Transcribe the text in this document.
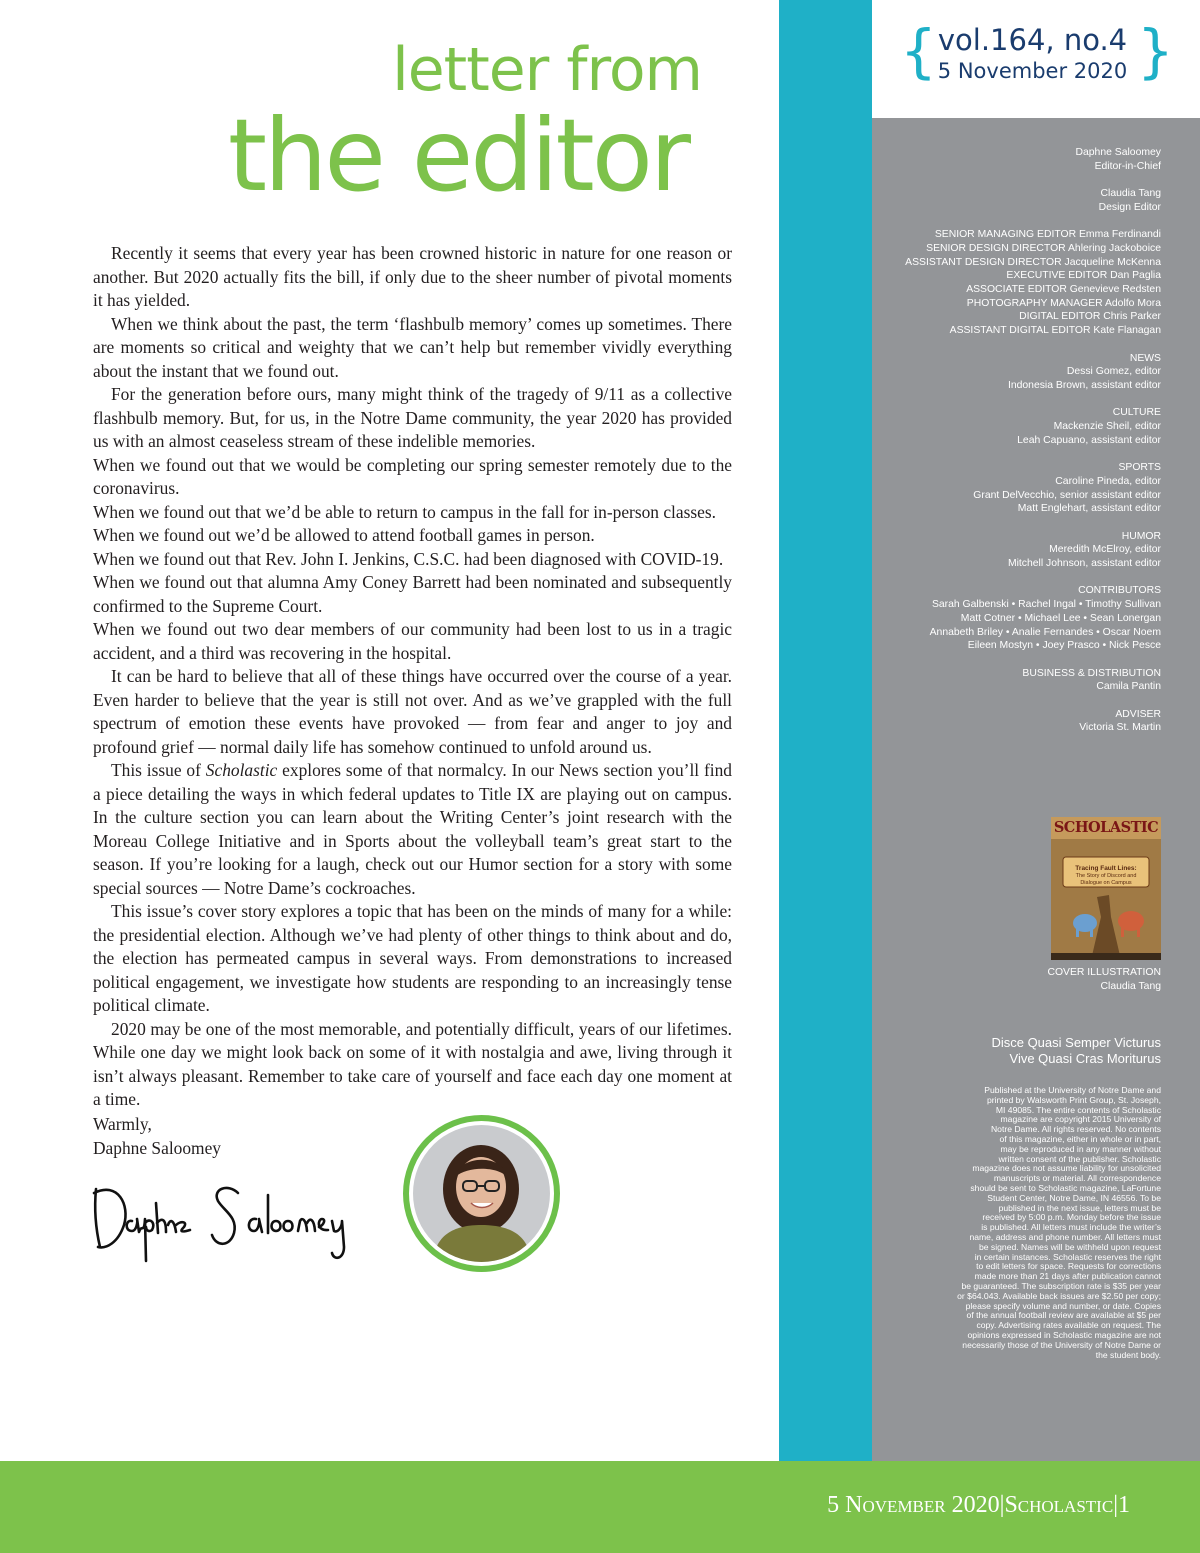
letter from
the editor

Recently it seems that every year has been crowned historic in nature for one reason or another. But 2020 actually fits the bill, if only due to the sheer number of pivotal moments it has yielded.

When we think about the past, the term ‘flashbulb memory’ comes up sometimes. There are moments so critical and weighty that we can’t help but remember vividly everything about the instant that we found out.

For the generation before ours, many might think of the tragedy of 9/11 as a collective flashbulb memory. But, for us, in the Notre Dame community, the year 2020 has provided us with an almost ceaseless stream of these indelible memories.

When we found out that we would be completing our spring semester remotely due to the coronavirus.

When we found out that we’d be able to return to campus in the fall for in-person classes.

When we found out we’d be allowed to attend football games in person.

When we found out that Rev. John I. Jenkins, C.S.C. had been diagnosed with COVID-19.

When we found out that alumna Amy Coney Barrett had been nominated and subsequently confirmed to the Supreme Court.

When we found out two dear members of our community had been lost to us in a tragic accident, and a third was recovering in the hospital.

It can be hard to believe that all of these things have occurred over the course of a year. Even harder to believe that the year is still not over. And as we’ve grappled with the full spectrum of emotion these events have provoked — from fear and anger to joy and profound grief — normal daily life has somehow continued to unfold around us.

This issue of Scholastic explores some of that normalcy. In our News section you’ll find a piece detailing the ways in which federal updates to Title IX are playing out on campus. In the culture section you can learn about the Writing Center’s joint research with the Moreau College Initiative and in Sports about the volleyball team’s great start to the season. If you’re looking for a laugh, check out our Humor section for a story with some special sources — Notre Dame’s cockroaches.

This issue’s cover story explores a topic that has been on the minds of many for a while: the presidential election. Although we’ve had plenty of other things to think about and do, the election has permeated campus in several ways. From demonstrations to increased political engagement, we investigate how students are responding to an increasingly tense political climate.

2020 may be one of the most memorable, and potentially difficult, years of our lifetimes. While one day we might look back on some of it with nostalgia and awe, living through it isn’t always pleasant. Remember to take care of yourself and face each day one moment at a time.

Warmly,
Daphne Saloomey
{	}
vol.164, no.4
5 November 2020
Daphne Saloomey
Editor-in-Chief
Claudia Tang
Design Editor
SENIOR MANAGING EDITOR Emma Ferdinandi
SENIOR DESIGN DIRECTOR Ahlering Jackoboice
ASSISTANT DESIGN DIRECTOR Jacqueline McKenna
EXECUTIVE EDITOR Dan Paglia
ASSOCIATE EDITOR Genevieve Redsten
PHOTOGRAPHY MANAGER Adolfo Mora
DIGITAL EDITOR Chris Parker
ASSISTANT DIGITAL EDITOR Kate Flanagan
NEWS
Dessi Gomez, editor
Indonesia Brown, assistant editor
CULTURE
Mackenzie Sheil, editor
Leah Capuano, assistant editor
SPORTS
Caroline Pineda, editor
Grant DelVecchio, senior assistant editor
Matt Englehart, assistant editor
HUMOR
Meredith McElroy, editor
Mitchell Johnson, assistant editor
CONTRIBUTORS
Sarah Galbenski • Rachel Ingal • Timothy Sullivan
Matt Cotner • Michael Lee • Sean Lonergan
Annabeth Briley • Analie Fernandes • Oscar Noem
Eileen Mostyn • Joey Prasco • Nick Pesce
BUSINESS & DISTRIBUTION
Camila Pantin
ADVISER
Victoria St. Martin
SCHOLASTIC
Tracing Fault Lines:
The Story of Discord and Dialogue on Campus
COVER ILLUSTRATION
Claudia Tang
Disce Quasi Semper Victurus
Vive Quasi Cras Moriturus
Published at the University of Notre Dame and
printed by Walsworth Print Group, St. Joseph,
MI 49085. The entire contents of Scholastic
magazine are copyright 2015 University of
Notre Dame. All rights reserved. No contents
of this magazine, either in whole or in part,
may be reproduced in any manner without
written consent of the publisher. Scholastic
magazine does not assume liability for unsolicited
manuscripts or material. All correspondence
should be sent to Scholastic magazine, LaFortune
Student Center, Notre Dame, IN 46556. To be
published in the next issue, letters must be
received by 5:00 p.m. Monday before the issue
is published. All letters must include the writer’s
name, address and phone number. All letters must
be signed. Names will be withheld upon request
in certain instances. Scholastic reserves the right
to edit letters for space. Requests for corrections
made more than 21 days after publication cannot
be guaranteed. The subscription rate is $35 per year
or $64.043. Available back issues are $2.50 per copy;
please specify volume and number, or date. Copies
of the annual football review are available at $5 per
copy. Advertising rates available on request. The
opinions expressed in Scholastic magazine are not
necessarily those of the University of Notre Dame or
the student body.
5 November 2020|Scholastic|1
